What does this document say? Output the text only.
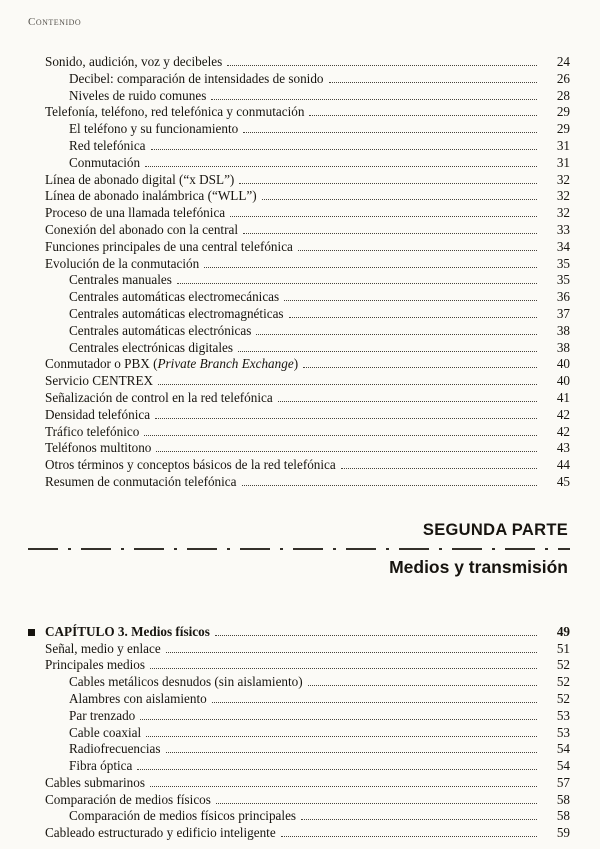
Contenido
Sonido, audición, voz y decibeles	24
Decibel: comparación de intensidades de sonido	26
Niveles de ruido comunes	28
Telefonía, teléfono, red telefónica y conmutación	29
El teléfono y su funcionamiento	29
Red telefónica	31
Conmutación	31
Línea de abonado digital (“x DSL”)	32
Línea de abonado inalámbrica (“WLL”)	32
Proceso de una llamada telefónica	32
Conexión del abonado con la central	33
Funciones principales de una central telefónica	34
Evolución de la conmutación	35
Centrales manuales	35
Centrales automáticas electromecánicas	36
Centrales automáticas electromagnéticas	37
Centrales automáticas electrónicas	38
Centrales electrónicas digitales	38
Conmutador o PBX (Private Branch Exchange)	40
Servicio CENTREX	40
Señalización de control en la red telefónica	41
Densidad telefónica	42
Tráfico telefónico	42
Teléfonos multitono	43
Otros términos y conceptos básicos de la red telefónica	44
Resumen de conmutación telefónica	45
SEGUNDA PARTE
Medios y transmisión
CAPÍTULO 3. Medios físicos	49
Señal, medio y enlace	51
Principales medios	52
Cables metálicos desnudos (sin aislamiento)	52
Alambres con aislamiento	52
Par trenzado	53
Cable coaxial	53
Radiofrecuencias	54
Fibra óptica	54
Cables submarinos	57
Comparación de medios físicos	58
Comparación de medios físicos principales	58
Cableado estructurado y edificio inteligente	59
